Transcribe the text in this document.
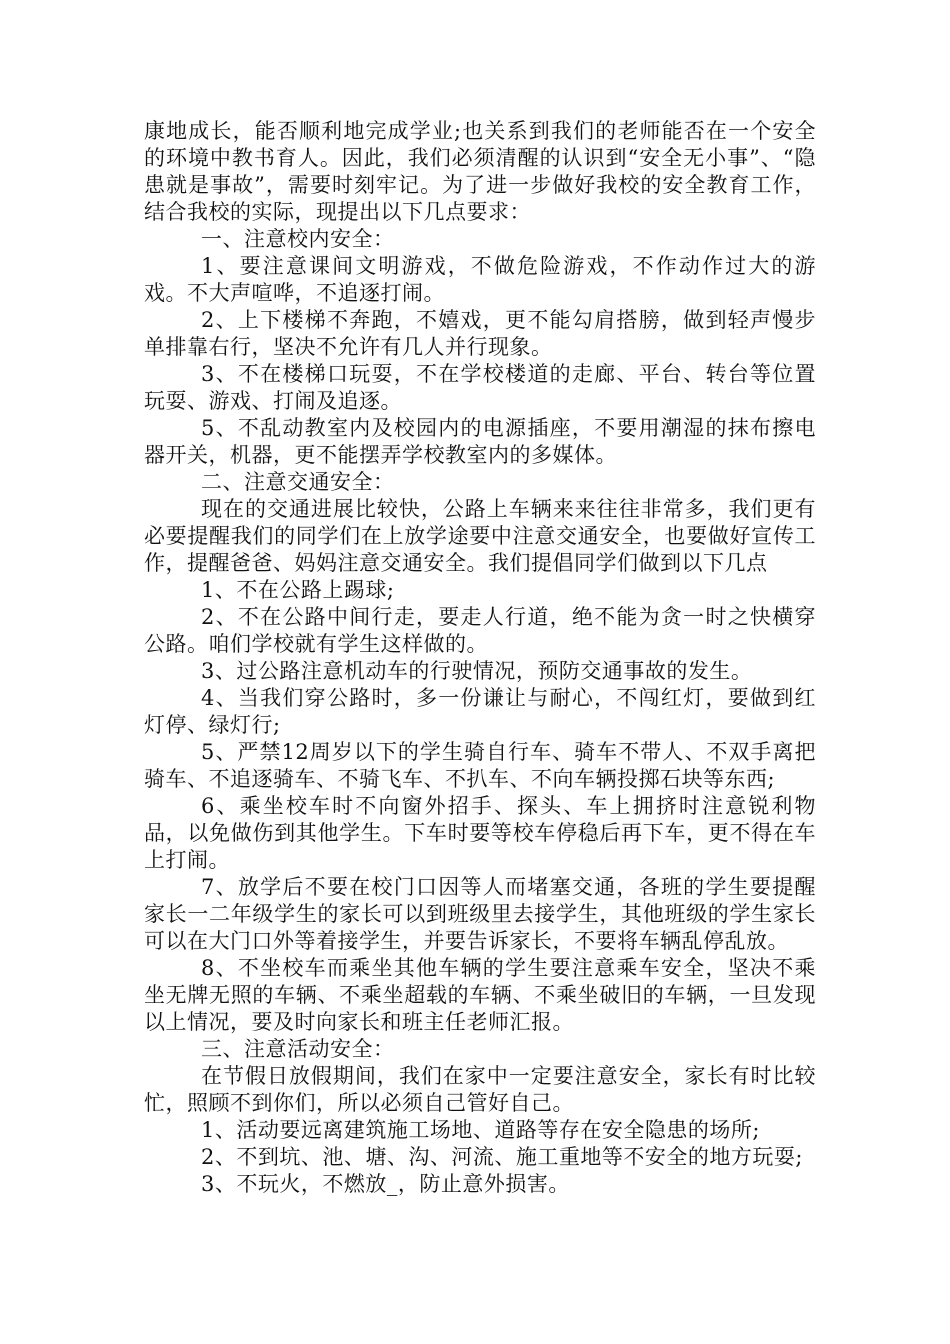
康地成长，能否顺利地完成学业;也关系到我们的老师能否在一个安全的环境中教书育人。因此，我们必须清醒的认识到“安全无小事”、“隐患就是事故”，需要时刻牢记。为了进一步做好我校的安全教育工作，结合我校的实际，现提出以下几点要求：

一、注意校内安全：

1、要注意课间文明游戏，不做危险游戏，不作动作过大的游戏。不大声喧哗，不追逐打闹。

2、上下楼梯不奔跑，不嬉戏，更不能勾肩搭膀，做到轻声慢步单排靠右行，坚决不允许有几人并行现象。

3、不在楼梯口玩耍，不在学校楼道的走廊、平台、转台等位置玩耍、游戏、打闹及追逐。

5、不乱动教室内及校园内的电源插座，不要用潮湿的抹布擦电器开关，机器，更不能摆弄学校教室内的多媒体。

二、注意交通安全：

现在的交通进展比较快，公路上车辆来来往往非常多，我们更有必要提醒我们的同学们在上放学途要中注意交通安全，也要做好宣传工作，提醒爸爸、妈妈注意交通安全。我们提倡同学们做到以下几点

1、不在公路上踢球;

2、不在公路中间行走，要走人行道，绝不能为贪一时之快横穿公路。咱们学校就有学生这样做的。

3、过公路注意机动车的行驶情况，预防交通事故的发生。

4、当我们穿公路时，多一份谦让与耐心，不闯红灯，要做到红灯停、绿灯行;

5、严禁12周岁以下的学生骑自行车、骑车不带人、不双手离把骑车、不追逐骑车、不骑飞车、不扒车、不向车辆投掷石块等东西;

6、乘坐校车时不向窗外招手、探头、车上拥挤时注意锐利物品，以免做伤到其他学生。下车时要等校车停稳后再下车，更不得在车上打闹。

7、放学后不要在校门口因等人而堵塞交通，各班的学生要提醒家长一二年级学生的家长可以到班级里去接学生，其他班级的学生家长可以在大门口外等着接学生，并要告诉家长，不要将车辆乱停乱放。

8、不坐校车而乘坐其他车辆的学生要注意乘车安全，坚决不乘坐无牌无照的车辆、不乘坐超载的车辆、不乘坐破旧的车辆，一旦发现以上情况，要及时向家长和班主任老师汇报。

三、注意活动安全：

在节假日放假期间，我们在家中一定要注意安全，家长有时比较忙，照顾不到你们，所以必须自己管好自己。

1、活动要远离建筑施工场地、道路等存在安全隐患的场所;

2、不到坑、池、塘、沟、河流、施工重地等不安全的地方玩耍;

3、不玩火，不燃放_，防止意外损害。
